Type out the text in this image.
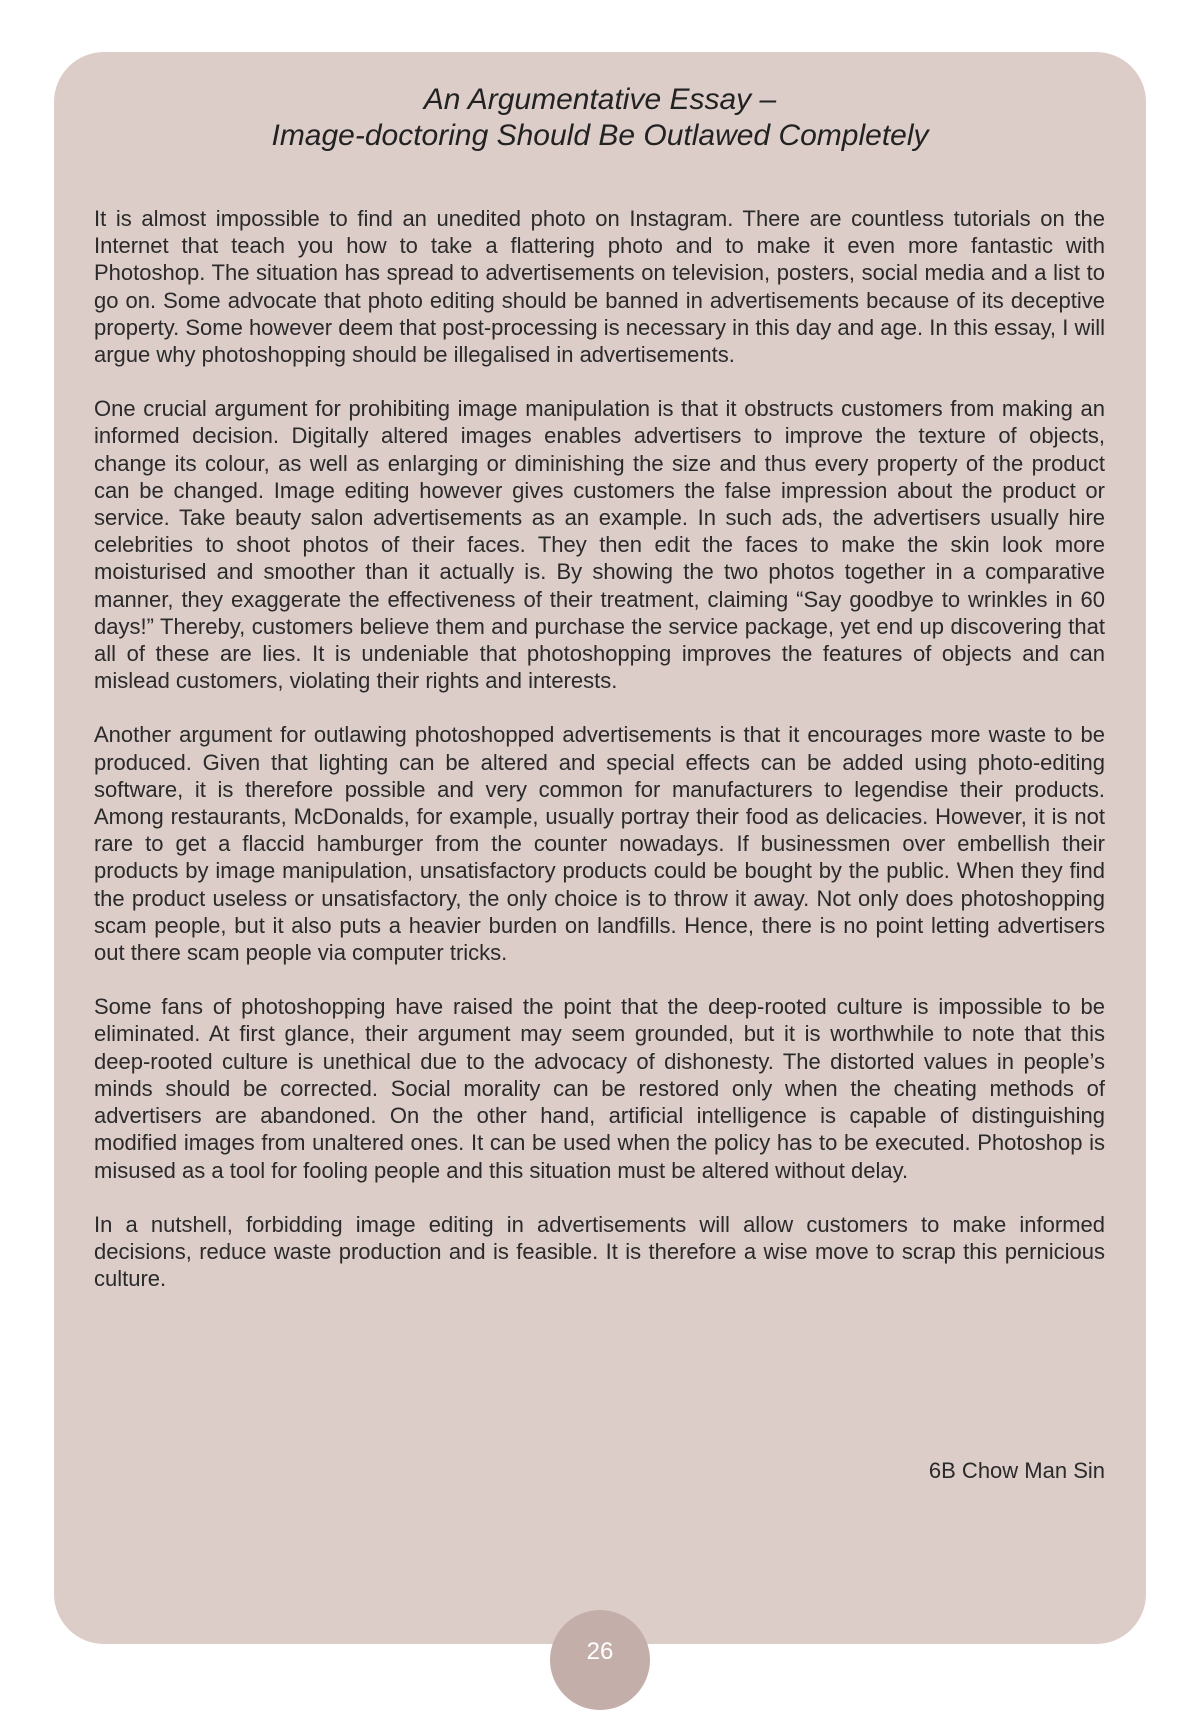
An Argumentative Essay –
Image-doctoring Should Be Outlawed Completely

It is almost impossible to find an unedited photo on Instagram. There are countless tutorials on the Internet that teach you how to take a flattering photo and to make it even more fantastic with Photoshop. The situation has spread to advertisements on television, posters, social media and a list to go on. Some advocate that photo editing should be banned in advertisements because of its deceptive property. Some however deem that post-processing is necessary in this day and age. In this essay, I will argue why photoshopping should be illegalised in advertisements.

One crucial argument for prohibiting image manipulation is that it obstructs customers from making an informed decision. Digitally altered images enables advertisers to improve the texture of objects, change its colour, as well as enlarging or diminishing the size and thus every property of the product can be changed. Image editing however gives customers the false impression about the product or service. Take beauty salon advertisements as an example. In such ads, the advertisers usually hire celebrities to shoot photos of their faces. They then edit the faces to make the skin look more moisturised and smoother than it actually is. By showing the two photos together in a comparative manner, they exaggerate the effectiveness of their treatment, claiming “Say goodbye to wrinkles in 60 days!” Thereby, customers believe them and purchase the service package, yet end up discovering that all of these are lies. It is undeniable that photoshopping improves the features of objects and can mislead customers, violating their rights and interests.

Another argument for outlawing photoshopped advertisements is that it encourages more waste to be produced. Given that lighting can be altered and special effects can be added using photo-editing software, it is therefore possible and very common for manufacturers to legendise their products. Among restaurants, McDonalds, for example, usually portray their food as delicacies. However, it is not rare to get a flaccid hamburger from the counter nowadays. If businessmen over embellish their products by image manipulation, unsatisfactory products could be bought by the public. When they find the product useless or unsatisfactory, the only choice is to throw it away. Not only does photoshopping scam people, but it also puts a heavier burden on landfills. Hence, there is no point letting advertisers out there scam people via computer tricks.

Some fans of photoshopping have raised the point that the deep-rooted culture is impossible to be eliminated. At first glance, their argument may seem grounded, but it is worthwhile to note that this deep-rooted culture is unethical due to the advocacy of dishonesty. The distorted values in people’s minds should be corrected. Social morality can be restored only when the cheating methods of advertisers are abandoned. On the other hand, artificial intelligence is capable of distinguishing modified images from unaltered ones. It can be used when the policy has to be executed. Photoshop is misused as a tool for fooling people and this situation must be altered without delay.

In a nutshell, forbidding image editing in advertisements will allow customers to make informed decisions, reduce waste production and is feasible. It is therefore a wise move to scrap this pernicious culture.

6B Chow Man Sin
26
